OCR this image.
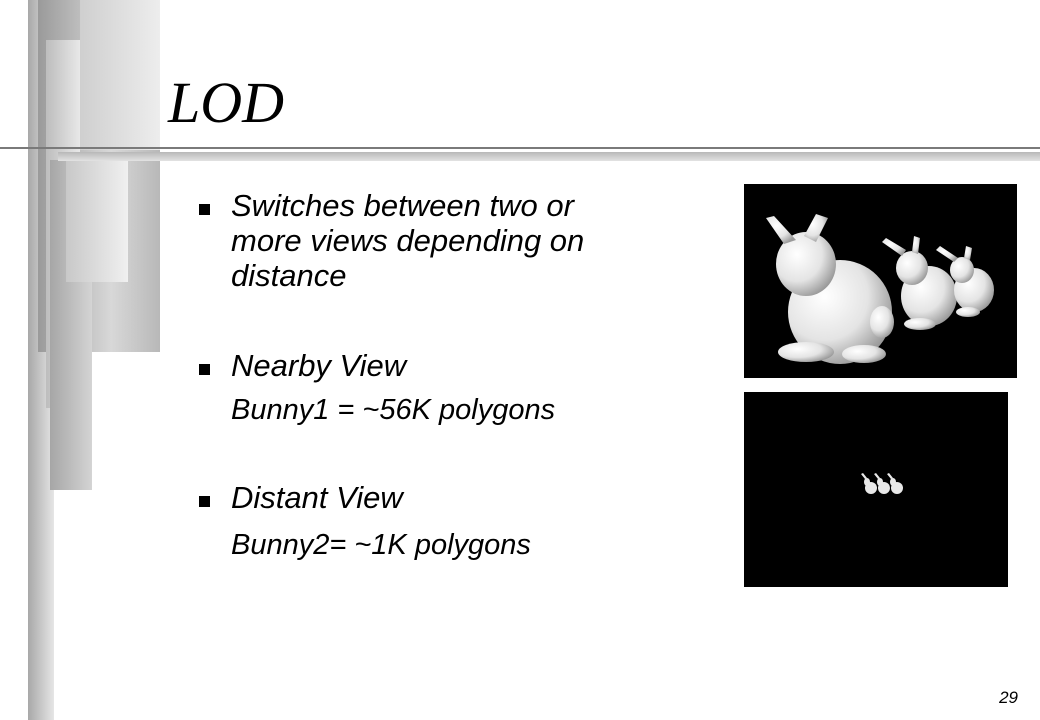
LOD
Switches between two or
more views depending on
distance
Nearby View
Bunny1 = ~56K polygons
Distant View
Bunny2= ~1K polygons
29
